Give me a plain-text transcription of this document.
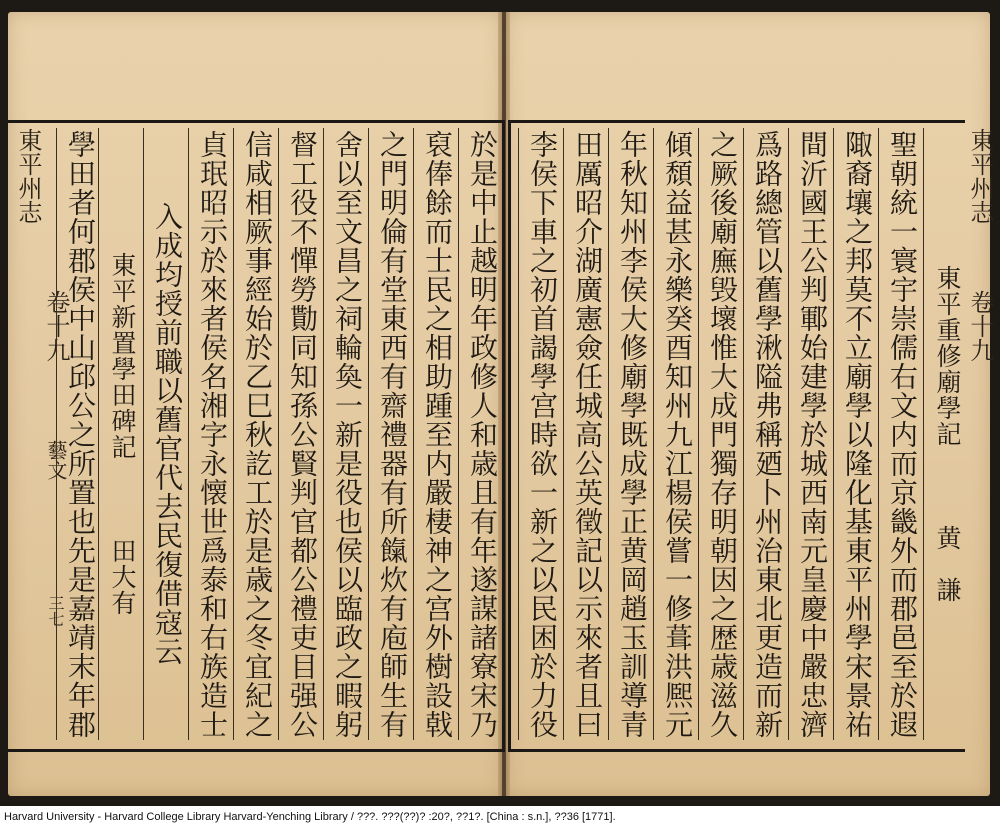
東平州志
卷十九
藝文
三七	於是中止越明年政修人和歳且有年遂謀諸寮宋乃
裒俸餘而士民之相助踵至内嚴棲神之宫外樹設戟
之門明倫有堂東西有齋禮器有所餼炊有庖師生有
舍以至文昌之祠輪奐一新是役也侯以臨政之暇躬
督工役不憚勞勩同知孫公賢判官都公禮吏目强公
信咸相厥事經始於乙巳秋訖工於是歳之冬宜紀之
貞珉昭示於來者侯名湘字永懐世爲泰和右族造士
入成均授前職以舊官代去民復借寇云
東平新置學田碑記　　　田大有
學田者何郡侯中山邱公之所置也先是嘉靖末年郡	東平重修廟學記　　　黄　謙
聖朝統一寰宇崇儒右文内而京畿外而郡邑至於遐
陬裔壤之邦莫不立廟學以隆化基東平州學宋景祐
間沂國王公判鄆始建學於城西南元皇慶中嚴忠濟
爲路總管以舊學湫隘弗稱廼卜州治東北更造而新
之厥後廟廡毁壞惟大成門獨存明朝因之歴歳滋久
傾頹益甚永樂癸酉知州九江楊侯嘗一修葺洪熈元
年秋知州李侯大修廟學既成學正黄岡趙玉訓導青
田厲昭介湖廣憲僉任城高公英徵記以示來者且曰
李侯下車之初首謁學宫時欲一新之以民困於力役	東平州志
卷十九
Harvard University - Harvard College Library Harvard-Yenching Library / ???. ???(??)? :20?, ??1?. [China : s.n.], ??36 [1771].
